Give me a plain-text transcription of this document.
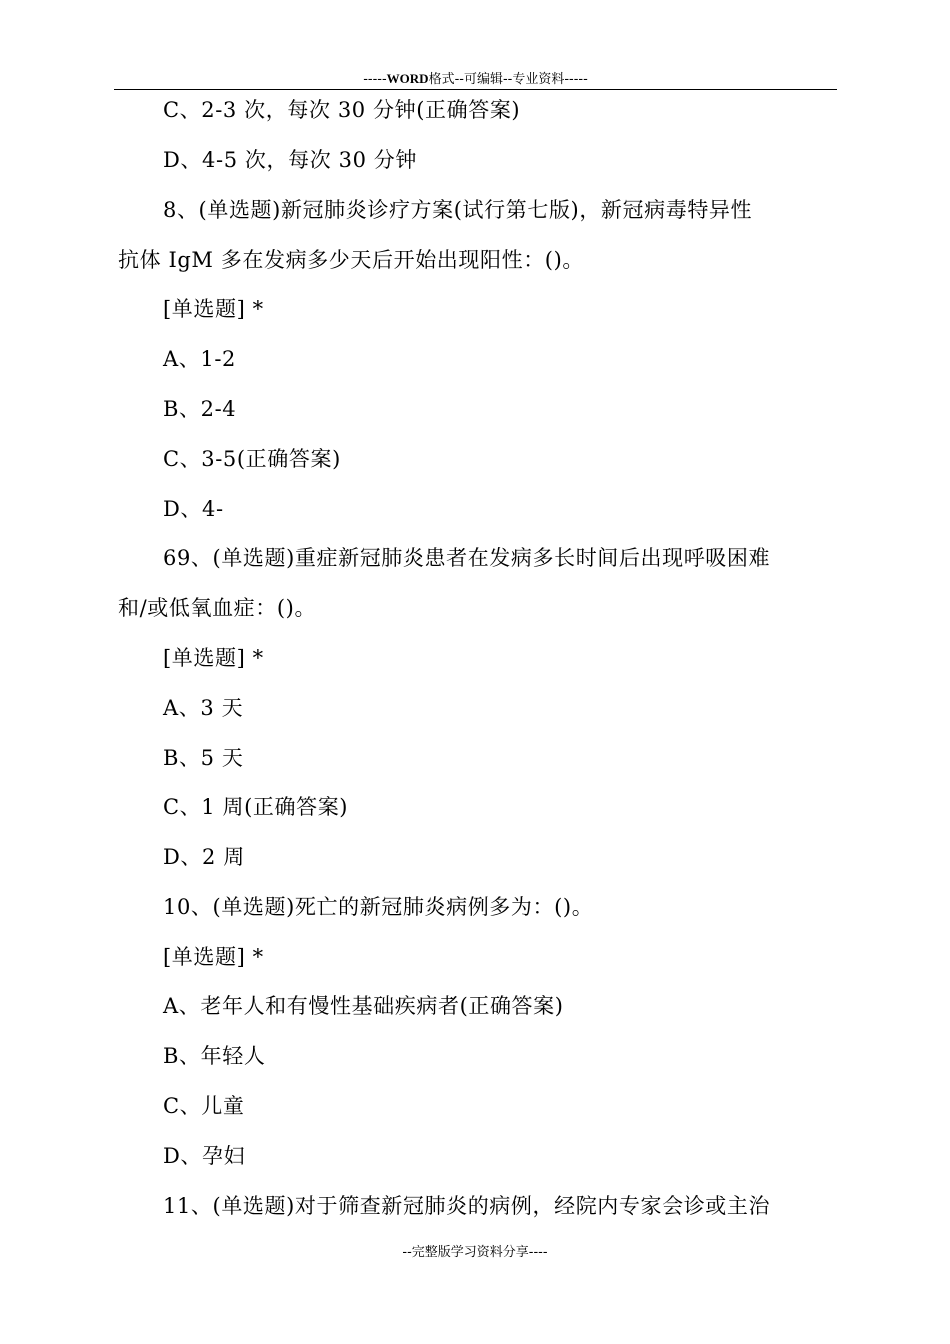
-----WORD格式--可编辑--专业资料-----
C、2-3 次，每次 30 分钟(正确答案)
D、4-5 次，每次 30 分钟
8、(单选题)新冠肺炎诊疗方案(试行第七版)，新冠病毒特异性
抗体 IgM 多在发病多少天后开始出现阳性：()。
[单选题] *
A、1-2
B、2-4
C、3-5(正确答案)
D、4-
69、(单选题)重症新冠肺炎患者在发病多长时间后出现呼吸困难
和/或低氧血症：()。
[单选题] *
A、3 天
B、5 天
C、1 周(正确答案)
D、2 周
10、(单选题)死亡的新冠肺炎病例多为：()。
[单选题] *
A、老年人和有慢性基础疾病者(正确答案)
B、年轻人
C、儿童
D、孕妇
11、(单选题)对于筛查新冠肺炎的病例，经院内专家会诊或主治
--完整版学习资料分享----
